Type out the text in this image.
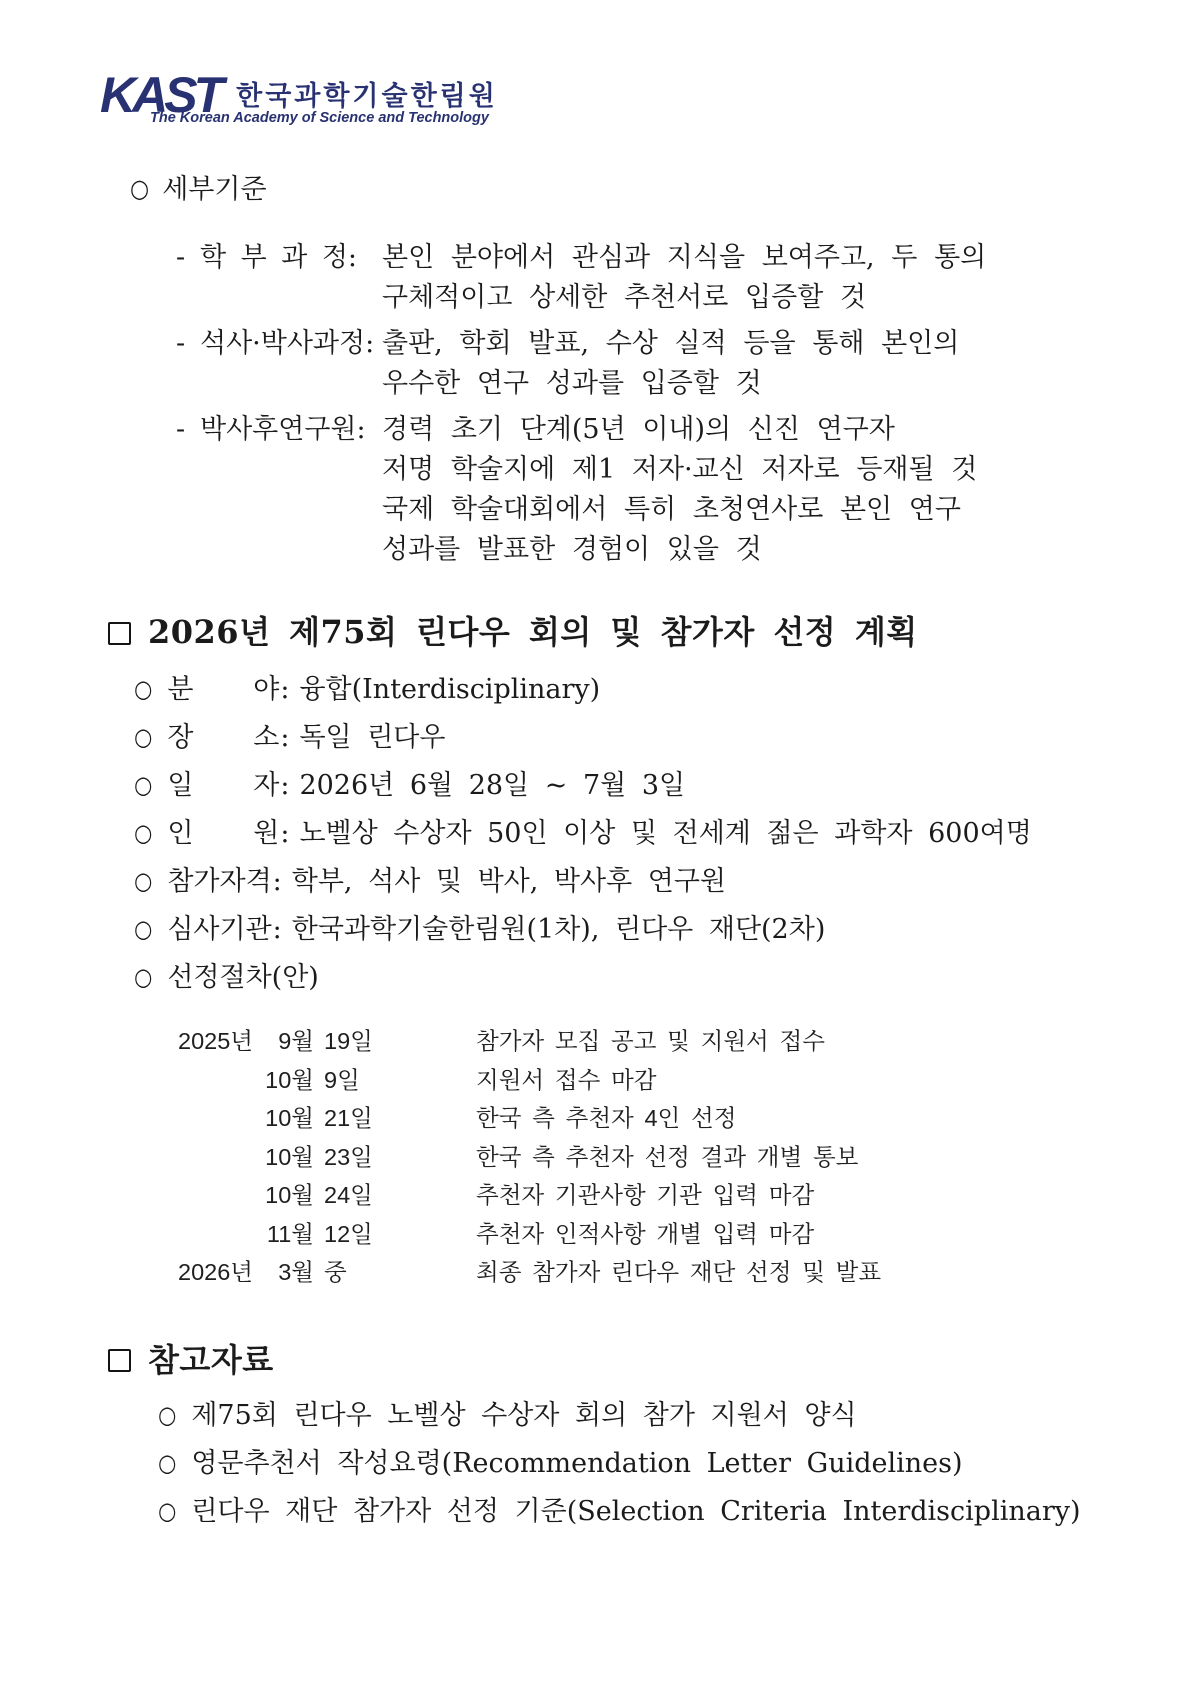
KAST 한국과학기술한림원
The Korean Academy of Science and Technology
○ 세부기준
- 학 부 과 정: 본인 분야에서 관심과 지식을 보여주고, 두 통의
구체적이고 상세한 추천서로 입증할 것
- 석사·박사과정: 출판, 학회 발표, 수상 실적 등을 통해 본인의
우수한 연구 성과를 입증할 것
- 박사후연구원: 경력 초기 단계(5년 이내)의 신진 연구자
저명 학술지에 제1 저자·교신 저자로 등재될 것
국제 학술대회에서 특히 초청연사로 본인 연구
성과를 발표한 경험이 있을 것
2026년 제75회 린다우 회의 및 참가자 선정 계획
○ 분 야: 융합(Interdisciplinary)
○ 장 소: 독일 린다우
○ 일 자: 2026년 6월 28일 ~ 7월 3일
○ 인 원: 노벨상 수상자 50인 이상 및 전세계 젊은 과학자 600여명
○ 참가자격: 학부, 석사 및 박사, 박사후 연구원
○ 심사기관: 한국과학기술한림원(1차), 린다우 재단(2차)
○ 선정절차(안)
2025년	9월 19일	참가자 모집 공고 및 지원서 접수
10월 9일	지원서 접수 마감
10월 21일	한국 측 추천자 4인 선정
10월 23일	한국 측 추천자 선정 결과 개별 통보
10월 24일	추천자 기관사항 기관 입력 마감
11월 12일	추천자 인적사항 개별 입력 마감
2026년	3월 중	최종 참가자 린다우 재단 선정 및 발표
참고자료
○ 제75회 린다우 노벨상 수상자 회의 참가 지원서 양식
○ 영문추천서 작성요령(Recommendation Letter Guidelines)
○ 린다우 재단 참가자 선정 기준(Selection Criteria Interdisciplinary)
